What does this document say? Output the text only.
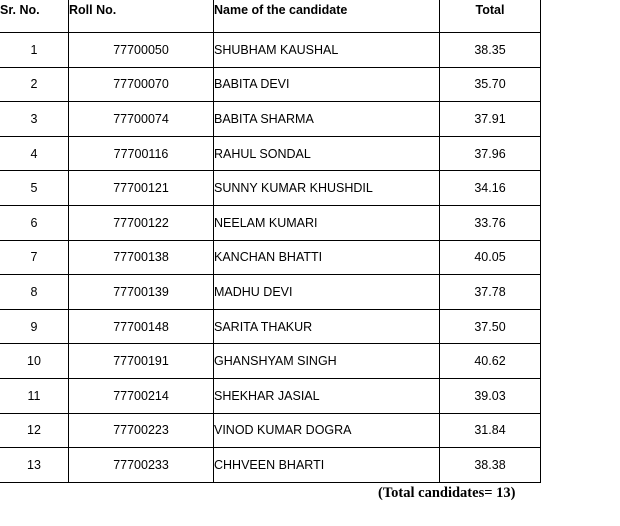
Sr. No.	Roll No.	Name of the candidate	Total
1	77700050	SHUBHAM KAUSHAL	38.35
2	77700070	BABITA DEVI	35.70
3	77700074	BABITA SHARMA	37.91
4	77700116	RAHUL SONDAL	37.96
5	77700121	SUNNY KUMAR KHUSHDIL	34.16
6	77700122	NEELAM KUMARI	33.76
7	77700138	KANCHAN BHATTI	40.05
8	77700139	MADHU DEVI	37.78
9	77700148	SARITA THAKUR	37.50
10	77700191	GHANSHYAM SINGH	40.62
11	77700214	SHEKHAR JASIAL	39.03
12	77700223	VINOD KUMAR DOGRA	31.84
13	77700233	CHHVEEN BHARTI	38.38
(Total candidates= 13)
